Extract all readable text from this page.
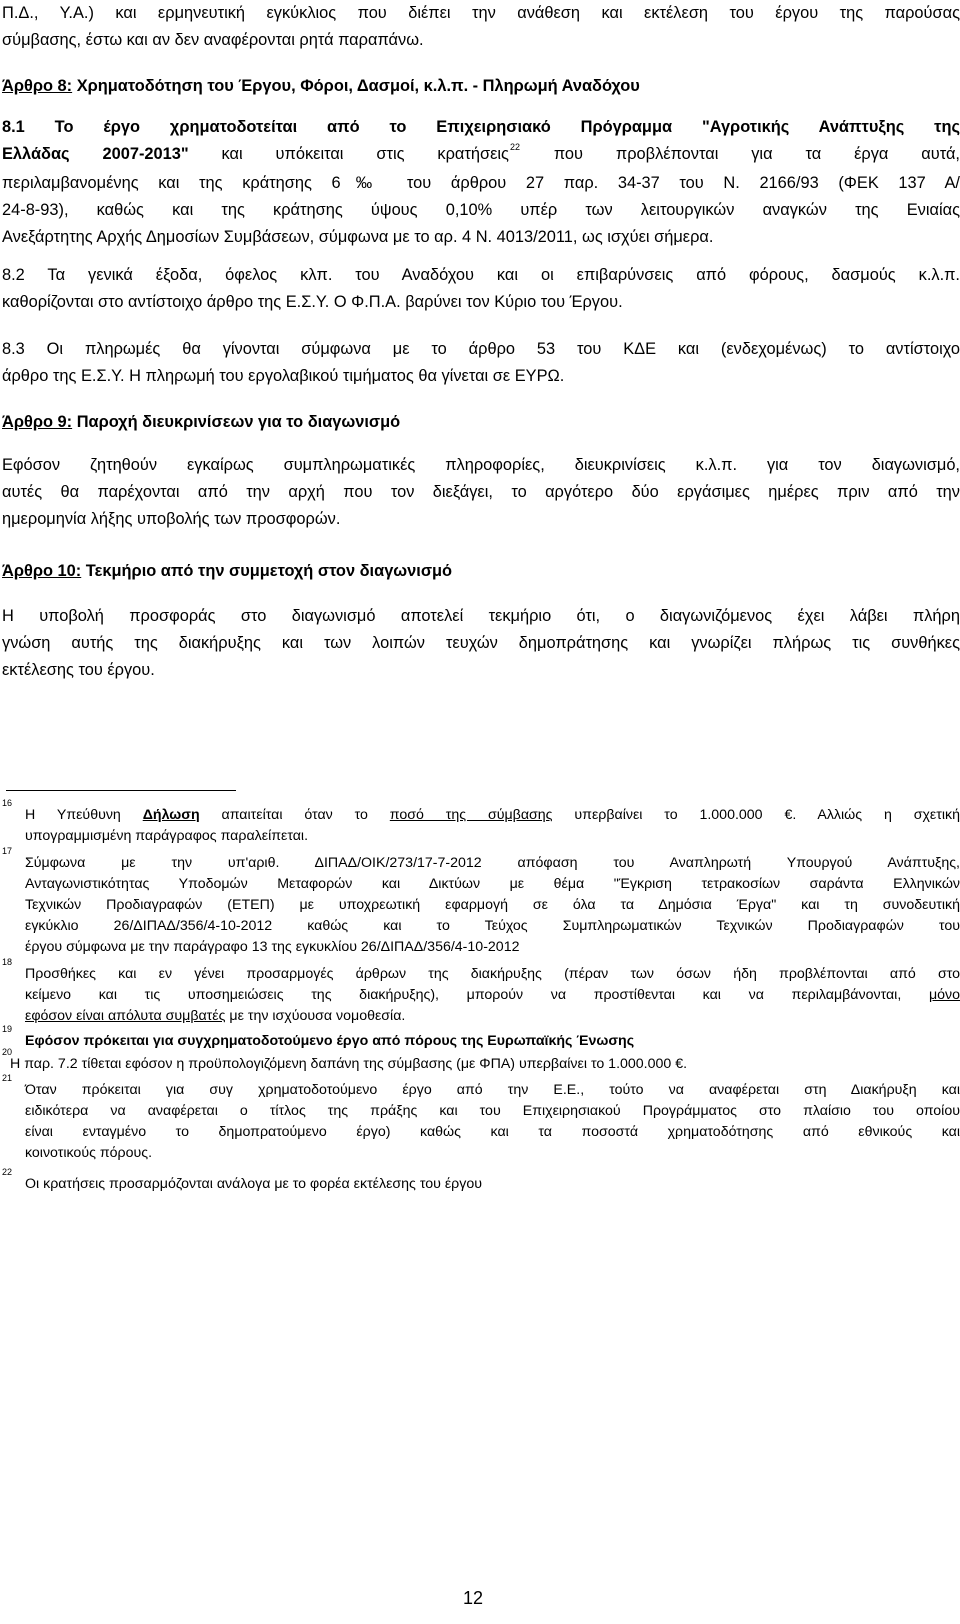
Π.Δ., Υ.Α.) και ερμηνευτική εγκύκλιος που διέπει την ανάθεση και εκτέλεση του έργου της παρούσας
σύμβασης, έστω και αν δεν αναφέρονται ρητά παραπάνω.

Άρθρο 8: Χρηματοδότηση του Έργου, Φόροι, Δασμοί, κ.λ.π. - Πληρωμή Αναδόχου

8.1 Το έργο χρηματοδοτείται από το Επιχειρησιακό Πρόγραμμα "Αγροτικής Ανάπτυξης της
Ελλάδας 2007-2013" και υπόκειται στις κρατήσεις$^{22}$ που προβλέπονται για τα έργα αυτά,
περιλαμβανομένης και της κράτησης 6‰ του άρθρου 27 παρ. 34-37 του Ν. 2166/93 (ΦΕΚ 137 Α/
24-8-93), καθώς και της κράτησης ύψους 0,10% υπέρ των λειτουργικών αναγκών της Ενιαίας
Ανεξάρτητης Αρχής Δημοσίων Συμβάσεων, σύμφωνα με το αρ. 4 Ν. 4013/2011, ως ισχύει σήμερα.

8.2 Τα γενικά έξοδα, όφελος κλπ. του Αναδόχου και οι επιβαρύνσεις από φόρους, δασμούς κ.λ.π.
καθορίζονται στο αντίστοιχο άρθρο της Ε.Σ.Υ. Ο Φ.Π.Α. βαρύνει τον Κύριο του Έργου.

8.3 Οι πληρωμές θα γίνονται σύμφωνα με το άρθρο 53 του ΚΔΕ και (ενδεχομένως) το αντίστοιχο
άρθρο της Ε.Σ.Υ. Η πληρωμή του εργολαβικού τιμήματος θα γίνεται σε ΕΥΡΩ.

Άρθρο 9: Παροχή διευκρινίσεων για το διαγωνισμό

Εφόσον ζητηθούν εγκαίρως συμπληρωματικές πληροφορίες, διευκρινίσεις κ.λ.π. για τον διαγωνισμό,
αυτές θα παρέχονται από την αρχή που τον διεξάγει, το αργότερο δύο εργάσιμες ημέρες πριν από την
ημερομηνία λήξης υποβολής των προσφορών.

Άρθρο 10: Τεκμήριο από την συμμετοχή στον διαγωνισμό

Η υποβολή προσφοράς στο διαγωνισμό αποτελεί τεκμήριο ότι, ο διαγωνιζόμενος έχει λάβει πλήρη
γνώση αυτής της διακήρυξης και των λοιπών τευχών δημοπράτησης και γνωρίζει πλήρως τις συνθήκες
εκτέλεσης του έργου.

16
Η Υπεύθυνη Δήλωση απαιτείται όταν το ποσό της σύμβασης υπερβαίνει το 1.000.000 €. Αλλιώς η σχετική
υπογραμμισμένη παράγραφος παραλείπεται.
17
Σύμφωνα με την υπ'αριθ. ΔΙΠΑΔ/ΟΙΚ/273/17-7-2012 απόφαση του Αναπληρωτή Υπουργού Ανάπτυξης,
Ανταγωνιστικότητας Υποδομών Μεταφορών και Δικτύων με θέμα "Έγκριση τετρακοσίων σαράντα Ελληνικών
Τεχνικών Προδιαγραφών (ΕΤΕΠ) με υποχρεωτική εφαρμογή σε όλα τα Δημόσια Έργα" και τη συνοδευτική
εγκύκλιο 26/ΔΙΠΑΔ/356/4-10-2012 καθώς και το Τεύχος Συμπληρωματικών Τεχνικών Προδιαγραφών του
έργου σύμφωνα με την παράγραφο 13 της εγκυκλίου 26/ΔΙΠΑΔ/356/4-10-2012
18
Προσθήκες και εν γένει προσαρμογές άρθρων της διακήρυξης (πέραν των όσων ήδη προβλέπονται από στο
κείμενο και τις υποσημειώσεις της διακήρυξης), μπορούν να προστίθενται και να περιλαμβάνονται, μόνο
εφόσον είναι απόλυτα συμβατές με την ισχύουσα νομοθεσία.
19
Εφόσον πρόκειται για συγχρηματοδοτούμενο έργο από πόρους της Ευρωπαϊκής Ένωσης
20
Η παρ. 7.2 τίθεται εφόσον η προϋπολογιζόμενη δαπάνη της σύμβασης (με ΦΠΑ) υπερβαίνει το 1.000.000 €.
21
Όταν πρόκειται για συγ χρηματοδοτούμενο έργο από την Ε.Ε., τούτο να αναφέρεται στη Διακήρυξη και
ειδικότερα να αναφέρεται ο τίτλος της πράξης και του Επιχειρησιακού Προγράμματος στο πλαίσιο του οποίου
είναι ενταγμένο το δημοπρατούμενο έργο) καθώς και τα ποσοστά χρηματοδότησης από εθνικούς και
κοινοτικούς πόρους.
22
Οι κρατήσεις προσαρμόζονται ανάλογα με το φορέα εκτέλεσης του έργου
12
